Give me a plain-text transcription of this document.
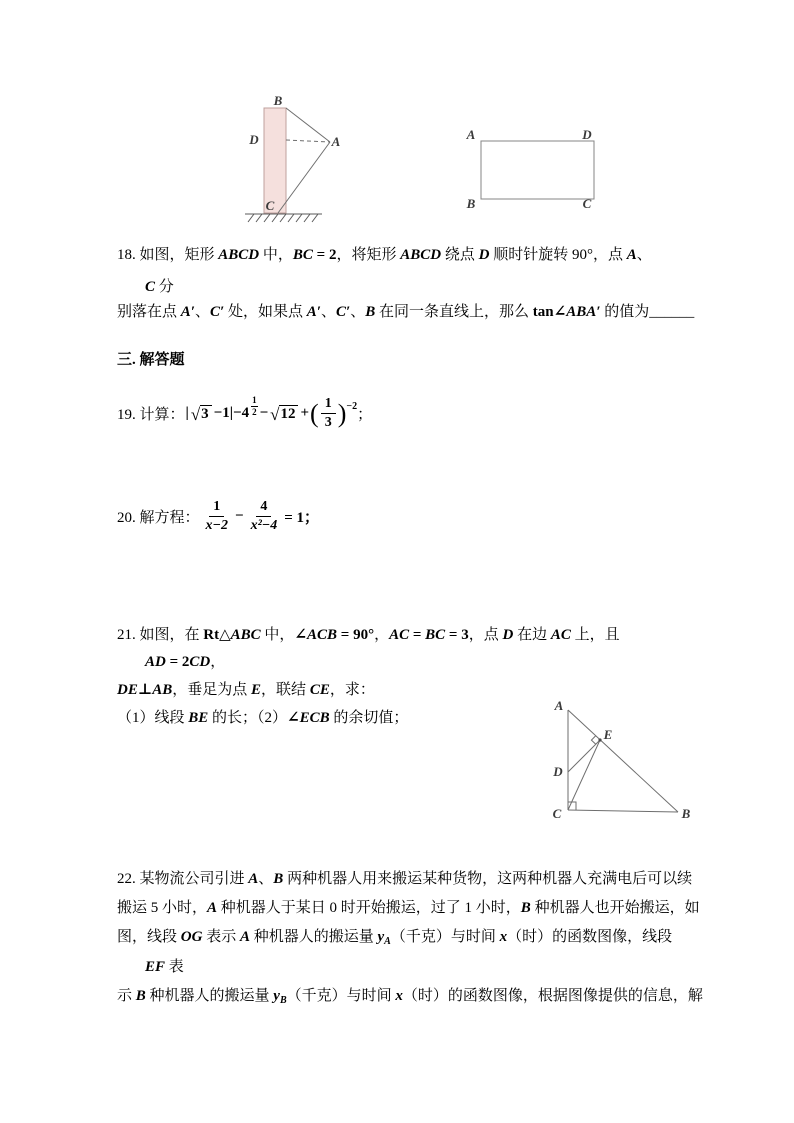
B
D	A
C
A	D
B	C
18. 如图，矩形 ABCD 中，BC = 2，将矩形 ABCD 绕点 D 顺时针旋转 90°，点 A、
C 分
别落在点 A′、C′ 处，如果点 A′、C′、B 在同一条直线上，那么 tan∠ABA′ 的值为______
三. 解答题
19. 计算： | √ $3 -1|-4 \frac{1}{2}$ − √ 12 + ( $\frac{1}{3}$ ) −2
；
20. 解方程： $\frac{1}{x-2} - \frac{4}{\text{x²−4}} = 1$；
21. 如图，在 Rt△ABC 中，∠ACB = 90°，AC = BC = 3，点 D 在边 AC 上，且
AD = 2CD，
DE⊥AB，垂足为点 E，联结 CE，求：
（1）线段 BE 的长；（2）∠ECB 的余切值；
A
E
D
C	B
22. 某物流公司引进 A、B 两种机器人用来搬运某种货物，这两种机器人充满电后可以续
搬运 5 小时，A 种机器人于某日 0 时开始搬运，过了 1 小时，B 种机器人也开始搬运，如
图，线段 OG 表示 A 种机器人的搬运量 $y_A$（千克）与时间 x（时）的函数图像，线段
EF 表
示 B 种机器人的搬运量 $y_B$（千克）与时间 x（时）的函数图像，根据图像提供的信息，解
